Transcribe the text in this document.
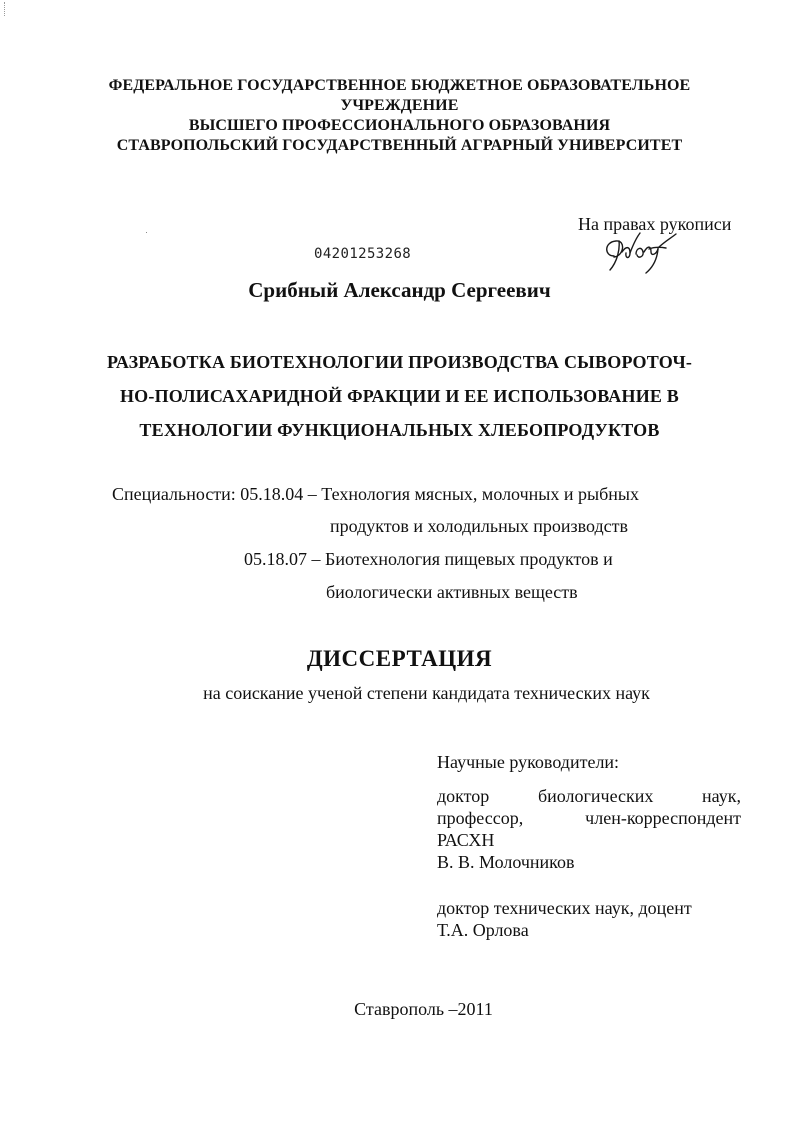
ФЕДЕРАЛЬНОЕ ГОСУДАРСТВЕННОЕ БЮДЖЕТНОЕ ОБРАЗОВАТЕЛЬНОЕ
УЧРЕЖДЕНИЕ
ВЫСШЕГО ПРОФЕССИОНАЛЬНОГО ОБРАЗОВАНИЯ
СТАВРОПОЛЬСКИЙ ГОСУДАРСТВЕННЫЙ АГРАРНЫЙ УНИВЕРСИТЕТ
На правах рукописи
04201253268
Срибный Александр Сергеевич
РАЗРАБОТКА БИОТЕХНОЛОГИИ ПРОИЗВОДСТВА СЫВОРОТОЧ-
НО-ПОЛИСАХАРИДНОЙ ФРАКЦИИ И ЕЕ ИСПОЛЬЗОВАНИЕ В
ТЕХНОЛОГИИ ФУНКЦИОНАЛЬНЫХ ХЛЕБОПРОДУКТОВ
Специальности: 05.18.04 – Технология мясных, молочных и рыбных
продуктов и холодильных производств
05.18.07 – Биотехнология пищевых продуктов и
биологически активных веществ
ДИССЕРТАЦИЯ
на соискание ученой степени кандидата технических наук
Научные руководители:
доктор биологических наук,
профессор, член-корреспондент
РАСХН
В. В. Молочников
доктор технических наук, доцент
Т.А. Орлова
Ставрополь –2011
